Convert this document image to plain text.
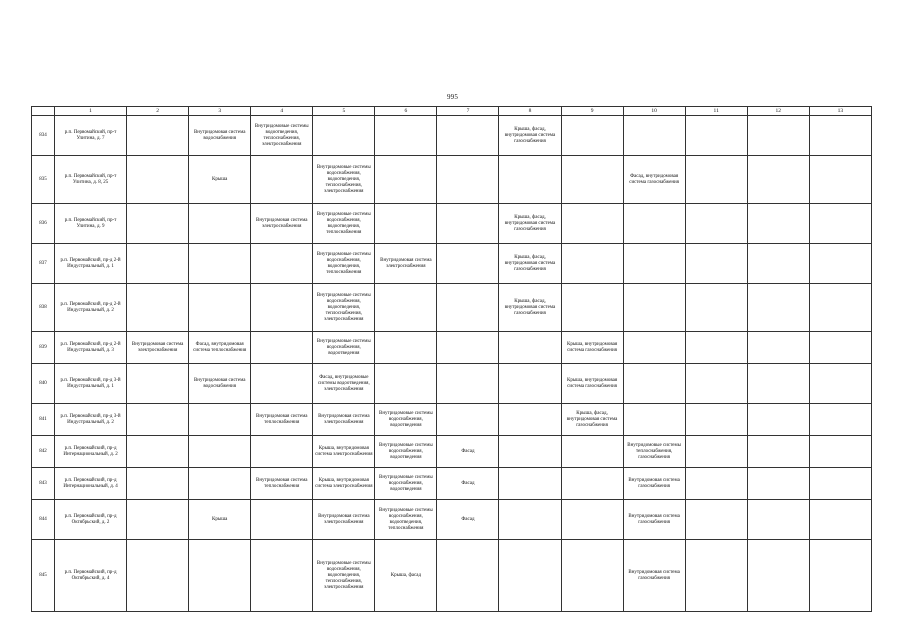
995
	1	2	3	4	5	6	7	8	9	10	11	12	13
834	р.п. Первомайский, пр-т Улитина, д. 7		Внутридомовая система водоснабжения	Внутридомовые системы водоотведения, теплоснабжения, электроснабжения				Крыша, фасад, внутридомовая система газоснабжения					
835	р.п. Первомайский, пр-т Улитина, д. 8, 25		Крыша		Внутридомовые системы водоснабжения, водоотведения, теплоснабжения, электроснабжения					Фасад, внутридомовая система газоснабжения			
836	р.п. Первомайский, пр-т Улитина, д. 9			Внутридомовая система электроснабжения	Внутридомовые системы водоснабжения, водоотведения, теплоснабжения			Крыша, фасад, внутридомовая система газоснабжения					
837	р.п. Первомайский, пр-д 2-й Индустриальный, д. 1				Внутридомовые системы водоснабжения, водоотведения, теплоснабжения	Внутридомовая система электроснабжения		Крыша, фасад, внутридомовая система газоснабжения					
838	р.п. Первомайский, пр-д 2-й Индустриальный, д. 2				Внутридомовые системы водоснабжения, водоотведения, теплоснабжения, электроснабжения			Крыша, фасад, внутридомовая система газоснабжения					
839	р.п. Первомайский, пр-д 2-й Индустриальный, д. 3	Внутридомовая система электроснабжения	Фасад, внутридомовая система теплоснабжения		Внутридомовые системы водоснабжения, водоотведения				Крыша, внутридомовая система газоснабжения				
840	р.п. Первомайский, пр-д 3-й Индустриальный, д. 1		Внутридомовая система водоснабжения		Фасад, внутридомовые системы водоотведения, электроснабжения				Крыша, внутридомовая система газоснабжения				
841	р.п. Первомайский, пр-д 3-й Индустриальный, д. 2			Внутридомовая система теплоснабжения	Внутридомовая система электроснабжения	Внутридомовые системы водоснабжения, водоотведения			Крыша, фасад, внутридомовая система газоснабжения				
842	р.п. Первомайский, пр-д Интернациональный, д. 2				Крыша, внутридомовая система электроснабжения	Внутридомовые системы водоснабжения, водоотведения	Фасад			Внутридомовые системы теплоснабжения, газоснабжения			
843	р.п. Первомайский, пр-д Интернациональный, д. 4			Внутридомовая система теплоснабжения	Крыша, внутридомовая система электроснабжения	Внутридомовые системы водоснабжения, водоотведения	Фасад			Внутридомовая система газоснабжения			
844	р.п. Первомайский, пр-д Октябрьский, д. 2		Крыша		Внутридомовая система электроснабжения	Внутридомовые системы водоснабжения, водоотведения, теплоснабжения	Фасад			Внутридомовая система газоснабжения			
845	р.п. Первомайский, пр-д Октябрьский, д. 4				Внутридомовые системы водоснабжения, водоотведения, теплоснабжения, электроснабжения	Крыша, фасад				Внутридомовая система газоснабжения			
